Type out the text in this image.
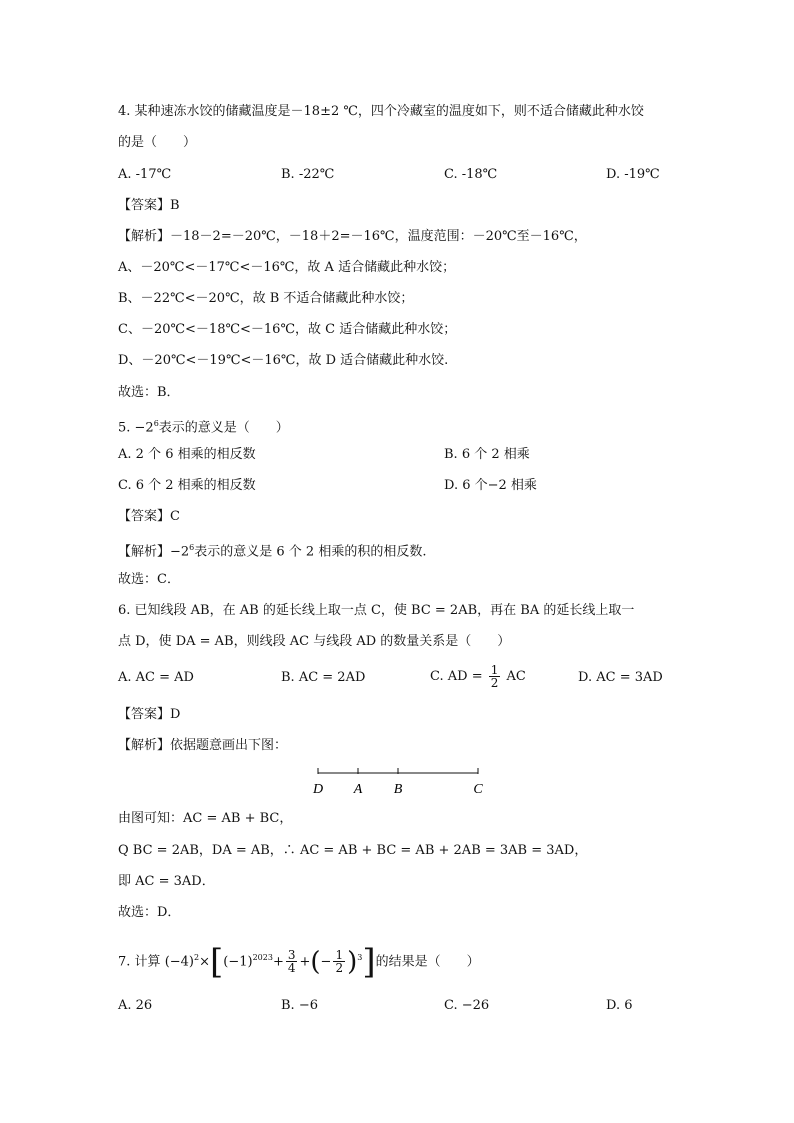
4. 某种速冻水饺的储藏温度是－18±2 ℃，四个冷藏室的温度如下，则不适合储藏此种水饺
的是（　　）
A. -17℃	B. -22℃	C. -18℃	D. -19℃
【答案】B
【解析】－18－2=－20℃，－18＋2=－16℃，温度范围：－20℃至－16℃，
A、－20℃<－17℃<－16℃，故 A 适合储藏此种水饺；
B、－22℃<－20℃，故 B 不适合储藏此种水饺；
C、－20℃<－18℃<－16℃，故 C 适合储藏此种水饺；
D、－20℃<－19℃<－16℃，故 D 适合储藏此种水饺.
故选：B．
5. $-2^6$表示的意义是（　　）
A. 2 个 6 相乘的相反数	B. 6 个 2 相乘
C. 6 个 2 相乘的相反数	D. 6 个−2 相乘
【答案】C
【解析】$-2^6$表示的意义是 6 个 2 相乘的积的相反数.
故选：C．
6. 已知线段 AB，在 AB 的延长线上取一点 C，使 BC = 2AB，再在 BA 的延长线上取一
点 D，使 DA = AB，则线段 AC 与线段 AD 的数量关系是（　　）
A. AC = AD	B. AC = 2AD	C. AD = $\frac{1}{2}$ AC	D. AC = 3AD
【答案】D
【解析】依据题意画出下图：
D A B	C
由图可知：AC = AB + BC，
Q BC = 2AB，DA = AB，∴ AC = AB + BC = AB + 2AB = 3AB = 3AD，
即 AC = 3AD．
故选：D．
7. 计算 $(-4)^2\times[(-1)^{2023}+ \frac{3}{4}$ +(− $\frac{1}{2} )^3$]的结果是（　　）
A. 26	B. −6	C. −26	D. 6
